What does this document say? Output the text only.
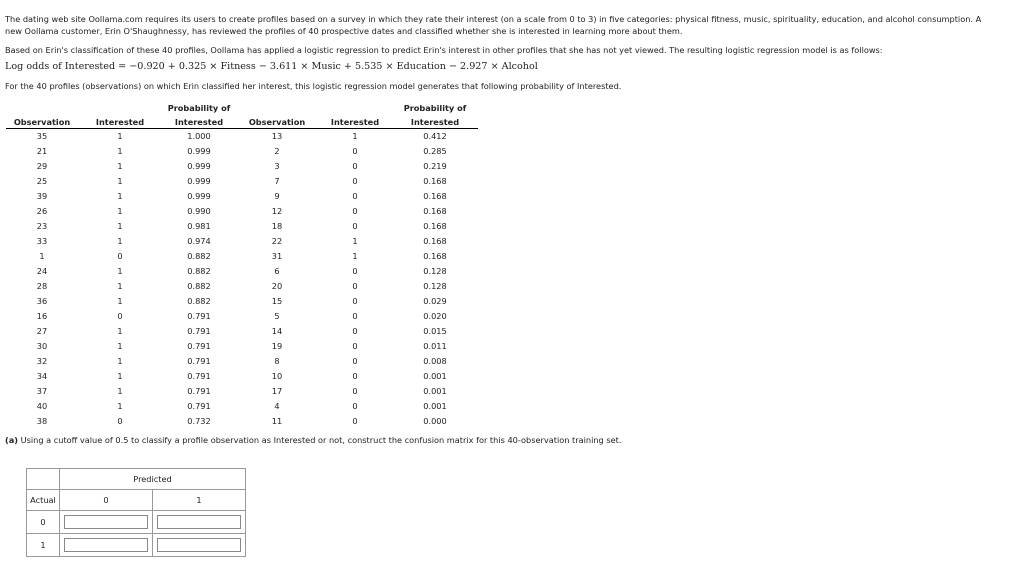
The dating web site Oollama.com requires its users to create profiles based on a survey in which they rate their interest (on a scale from 0 to 3) in five categories: physical fitness, music, spirituality, education, and alcohol consumption. A
new Oollama customer, Erin O'Shaughnessy, has reviewed the profiles of 40 prospective dates and classified whether she is interested in learning more about them.
Based on Erin's classification of these 40 profiles, Oollama has applied a logistic regression to predict Erin's interest in other profiles that she has not yet viewed. The resulting logistic regression model is as follows:
Log odds of Interested = −0.920 + 0.325 × Fitness − 3.611 × Music + 5.535 × Education − 2.927 × Alcohol
For the 40 profiles (observations) on which Erin classified her interest, this logistic regression model generates that following probability of Interested.
		Probability of			Probability of
Observation	Interested	Interested	Observation	Interested	Interested
35	1	1.000	13	1	0.412
21	1	0.999	2	0	0.285
29	1	0.999	3	0	0.219
25	1	0.999	7	0	0.168
39	1	0.999	9	0	0.168
26	1	0.990	12	0	0.168
23	1	0.981	18	0	0.168
33	1	0.974	22	1	0.168
1	0	0.882	31	1	0.168
24	1	0.882	6	0	0.128
28	1	0.882	20	0	0.128
36	1	0.882	15	0	0.029
16	0	0.791	5	0	0.020
27	1	0.791	14	0	0.015
30	1	0.791	19	0	0.011
32	1	0.791	8	0	0.008
34	1	0.791	10	0	0.001
37	1	0.791	17	0	0.001
40	1	0.791	4	0	0.001
38	0	0.732	11	0	0.000
(a) Using a cutoff value of 0.5 to classify a profile observation as Interested or not, construct the confusion matrix for this 40-observation training set.
	Predicted	
Actual	0	1
0		
1		
